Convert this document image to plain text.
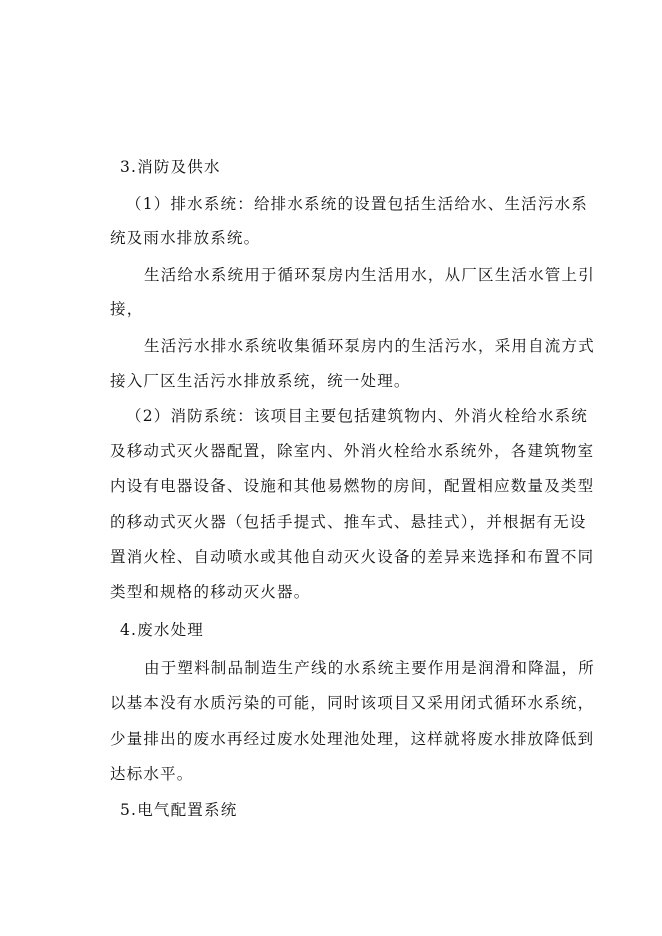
3.消防及供水
（1）排水系统：给排水系统的设置包括生活给水、生活污水系
统及雨水排放系统。
生活给水系统用于循环泵房内生活用水，从厂区生活水管上引
接，
生活污水排水系统收集循环泵房内的生活污水，采用自流方式
接入厂区生活污水排放系统，统一处理。
（2）消防系统：该项目主要包括建筑物内、外消火栓给水系统
及移动式灭火器配置，除室内、外消火栓给水系统外，各建筑物室
内设有电器设备、设施和其他易燃物的房间，配置相应数量及类型
的移动式灭火器（包括手提式、推车式、悬挂式），并根据有无设
置消火栓、自动喷水或其他自动灭火设备的差异来选择和布置不同
类型和规格的移动灭火器。
4.废水处理
由于塑料制品制造生产线的水系统主要作用是润滑和降温，所
以基本没有水质污染的可能，同时该项目又采用闭式循环水系统，
少量排出的废水再经过废水处理池处理，这样就将废水排放降低到
达标水平。
5.电气配置系统
